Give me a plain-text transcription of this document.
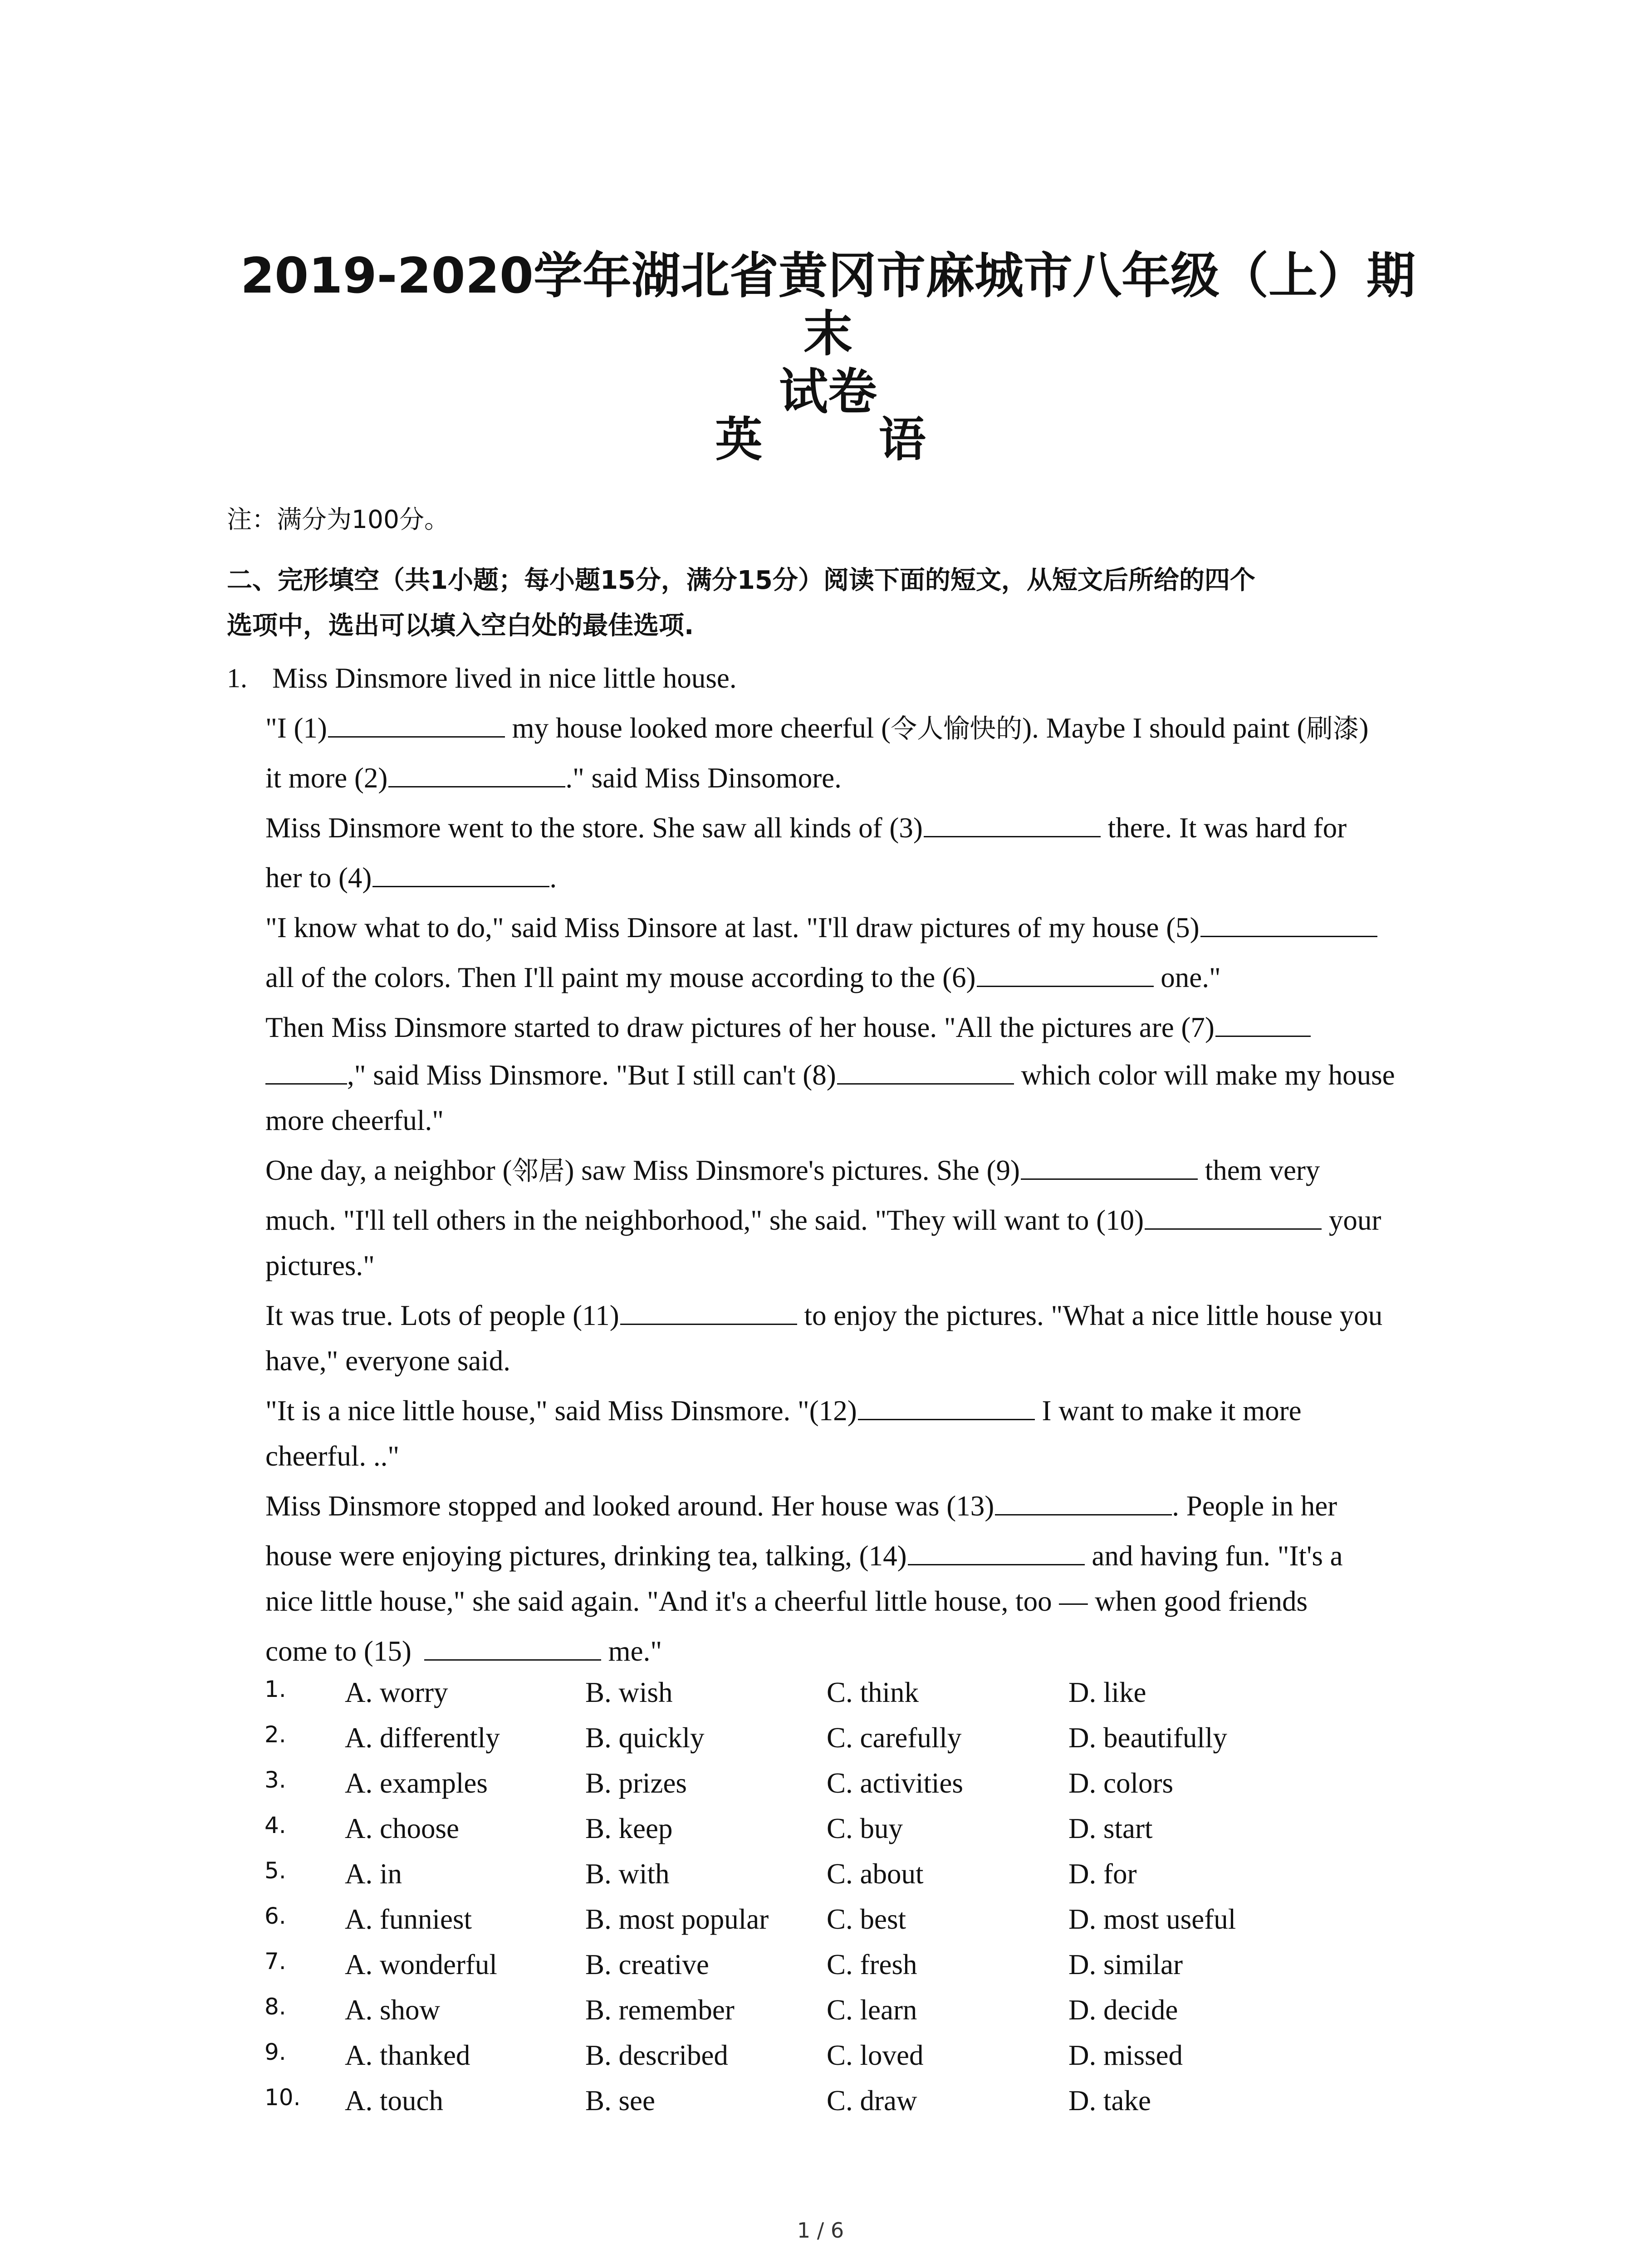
2019-2020学年湖北省黄冈市麻城市八年级（上）期末
试卷
英 语
注：满分为100分。
二、完形填空（共1小题；每小题15分，满分15分）阅读下面的短文，从短文后所给的四个
选项中，选出可以填入空白处的最佳选项.
1. Miss Dinsmore lived in nice little house.
"I (1)	my house looked more cheerful (令人愉快的). Maybe I should paint (刷漆)
it more (2)	." said Miss Dinsomore.
Miss Dinsmore went to the store. She saw all kinds of (3)	there. It was hard for
her to (4)	.
"I know what to do," said Miss Dinsore at last. "I'll draw pictures of my house (5)
all of the colors. Then I'll paint my mouse according to the (6)	one."
Then Miss Dinsmore started to draw pictures of her house. "All the pictures are (7)
," said Miss Dinsmore. "But I still can't (8)	which color will make my house
more cheerful."
One day, a neighbor (邻居) saw Miss Dinsmore's pictures. She (9)	them very
much. "I'll tell others in the neighborhood," she said. "They will want to (10)	your
pictures."
It was true. Lots of people (11)	to enjoy the pictures. "What a nice little house you
have," everyone said.
"It is a nice little house," said Miss Dinsmore. "(12)	I want to make it more
cheerful. .."
Miss Dinsmore stopped and looked around. Her house was (13)	. People in her
house were enjoying pictures, drinking tea, talking, (14)	and having fun. "It's a
nice little house," she said again. "And it's a cheerful little house, too — when good friends
come to (15)	me."
1. A. worry	B. wish	C. think	D. like
2. A. differently	B. quickly	C. carefully	D. beautifully
3. A. examples	B. prizes	C. activities	D. colors
4. A. choose	B. keep	C. buy	D. start
5. A. in	B. with	C. about	D. for
6. A. funniest	B. most popular C. best	D. most useful
7. A. wonderful	B. creative	C. fresh	D. similar
8. A. show	B. remember	C. learn	D. decide
9. A. thanked	B. described	C. loved	D. missed
10. A. touch	B. see	C. draw	D. take
1 / 6
